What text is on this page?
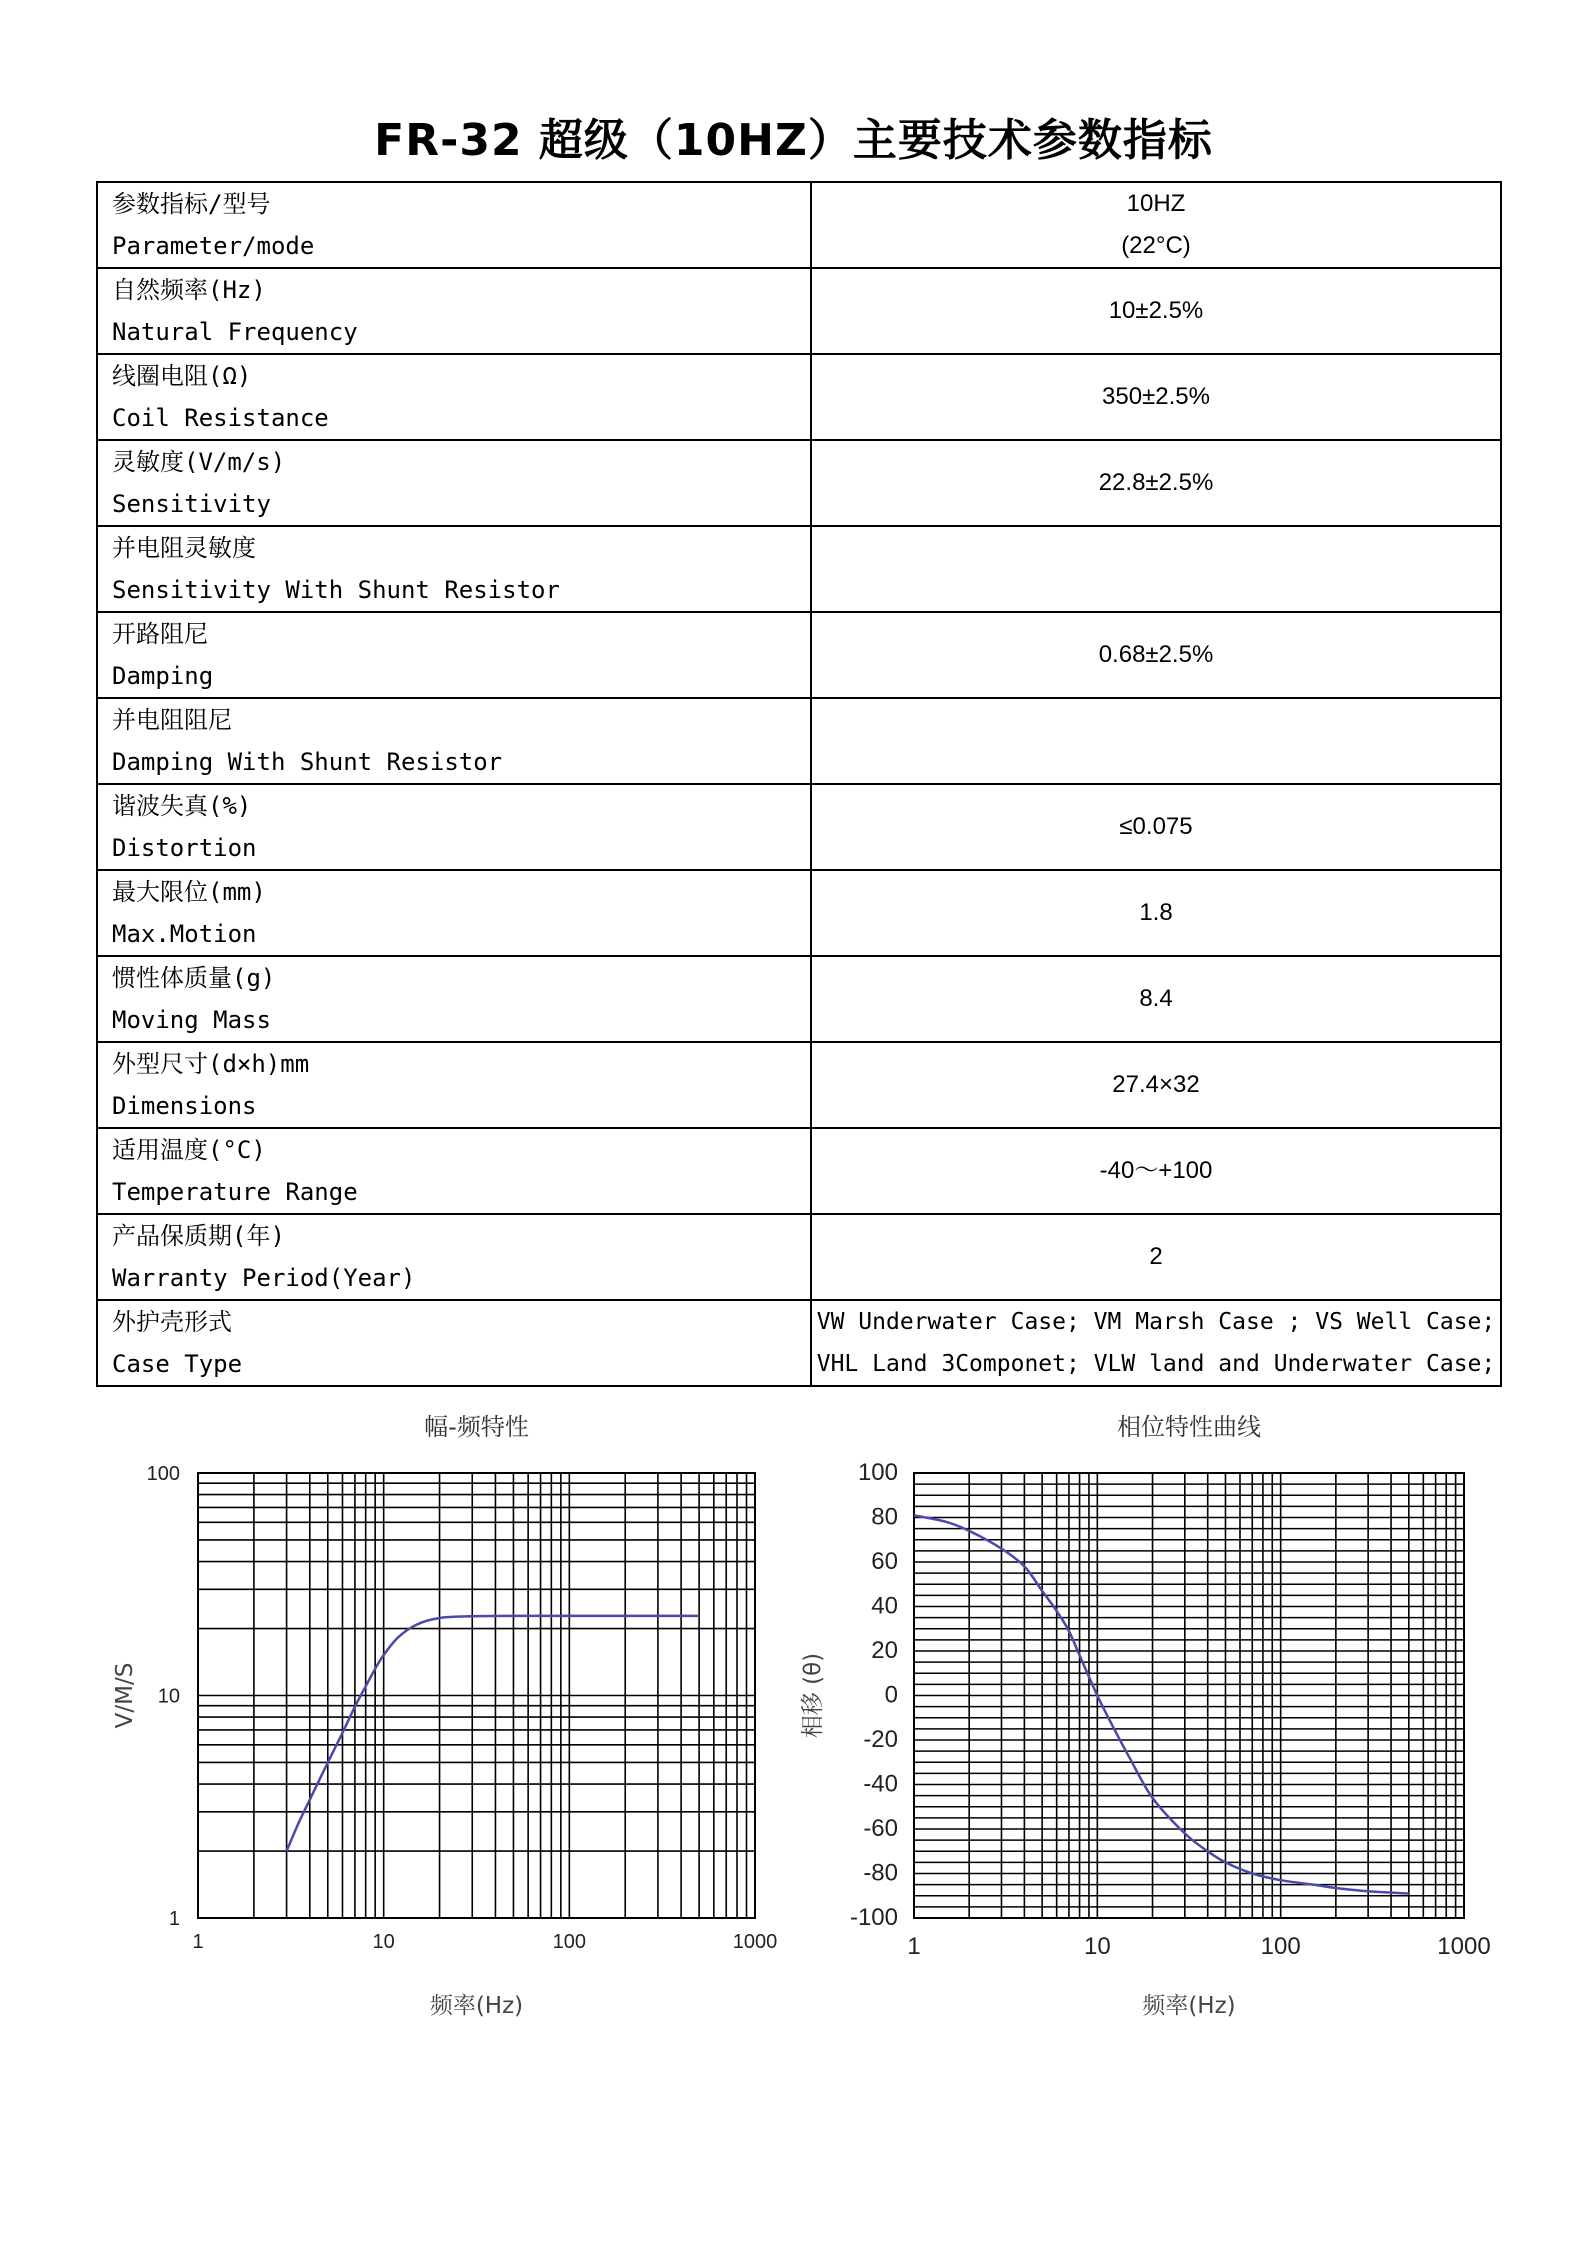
FR-32 超级（10HZ）主要技术参数指标
参数指标/型号
Parameter/mode	10HZ
(22°C)

自然频率(Hz)
Natural Frequency	10±2.5%

线圈电阻(Ω)
Coil Resistance	350±2.5%

灵敏度(V/m/s)
Sensitivity	22.8±2.5%

并电阻灵敏度
Sensitivity With Shunt Resistor	

开路阻尼
Damping	0.68±2.5%

并电阻阻尼
Damping With Shunt Resistor	

谐波失真(%)
Distortion	≤0.075

最大限位(mm)
Max.Motion	1.8

惯性体质量(g)
Moving Mass	8.4

外型尺寸(d×h)mm
Dimensions	27.4×32

适用温度(°C)
Temperature Range	-40～+100

产品保质期(年)
Warranty Period(Year)	2

外护壳形式
Case Type	VW Underwater Case; VM Marsh Case ; VS Well Case;
VHL Land 3Componet; VLW land and Underwater Case;
幅-频特性
1	10	100	1000
1
10
100
频率(Hz)
V/M/S
相位特性曲线
1	10	100	1000
100
80
60
40
20
0
-20
-40
-60
-80
-100
频率(Hz)
相移 (θ)
